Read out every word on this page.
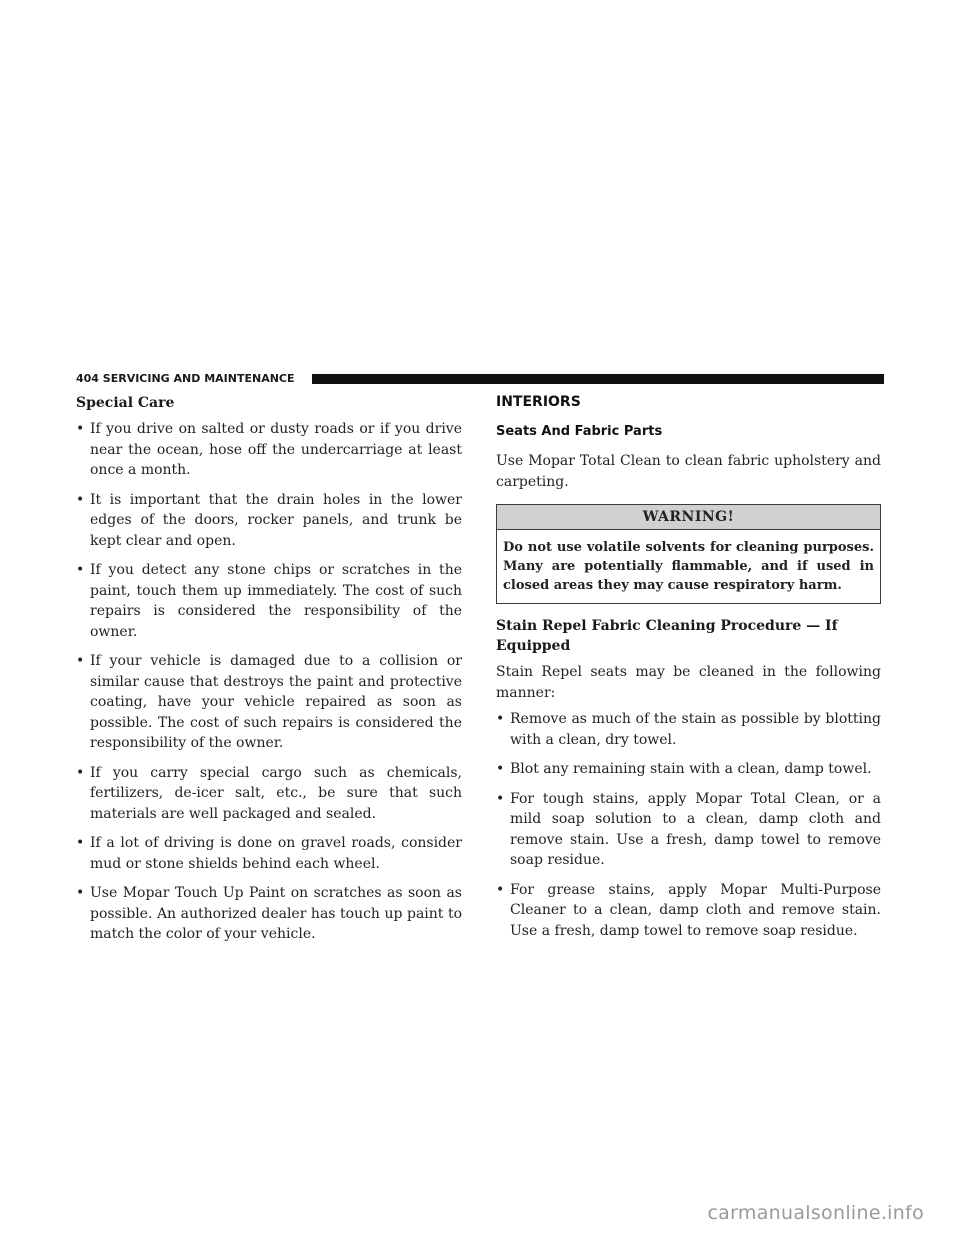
404 SERVICING AND MAINTENANCE
Special Care
• If you drive on salted or dusty roads or if you drive near the ocean, hose off the undercarriage at least once a month.
• It is important that the drain holes in the lower edges of the doors, rocker panels, and trunk be kept clear and open.
• If you detect any stone chips or scratches in the paint, touch them up immediately. The cost of such repairs is considered the responsibility of the owner.
• If your vehicle is damaged due to a collision or similar cause that destroys the paint and protective coating, have your vehicle repaired as soon as possible. The cost of such repairs is considered the responsibility of the owner.
• If you carry special cargo such as chemicals, fertilizers, de-icer salt, etc., be sure that such materials are well packaged and sealed.
• If a lot of driving is done on gravel roads, consider mud or stone shields behind each wheel.
• Use Mopar Touch Up Paint on scratches as soon as possible. An authorized dealer has touch up paint to match the color of your vehicle.
INTERIORS
Seats And Fabric Parts

Use Mopar Total Clean to clean fabric upholstery and carpeting.

WARNING!
Do not use volatile solvents for cleaning purposes. Many are potentially flammable, and if used in closed areas they may cause respiratory harm.
Stain Repel Fabric Cleaning Procedure — If Equipped

Stain Repel seats may be cleaned in the following manner:

• Remove as much of the stain as possible by blotting with a clean, dry towel.
• Blot any remaining stain with a clean, damp towel.
• For tough stains, apply Mopar Total Clean, or a mild soap solution to a clean, damp cloth and remove stain. Use a fresh, damp towel to remove soap residue.
• For grease stains, apply Mopar Multi-Purpose Cleaner to a clean, damp cloth and remove stain. Use a fresh, damp towel to remove soap residue.
carmanualsonline.info
